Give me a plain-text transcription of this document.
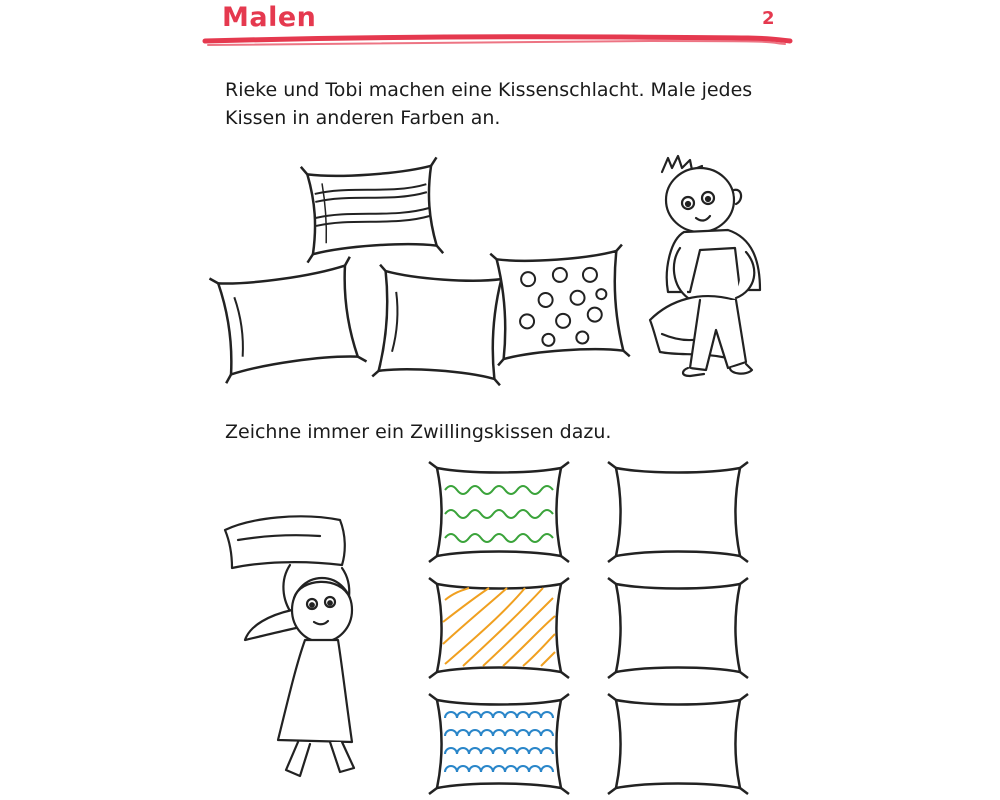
Malen	2
Rieke und Tobi machen eine Kissenschlacht. Male jedes Kissen in anderen Farben an.
Zeichne immer ein Zwillingskissen dazu.
